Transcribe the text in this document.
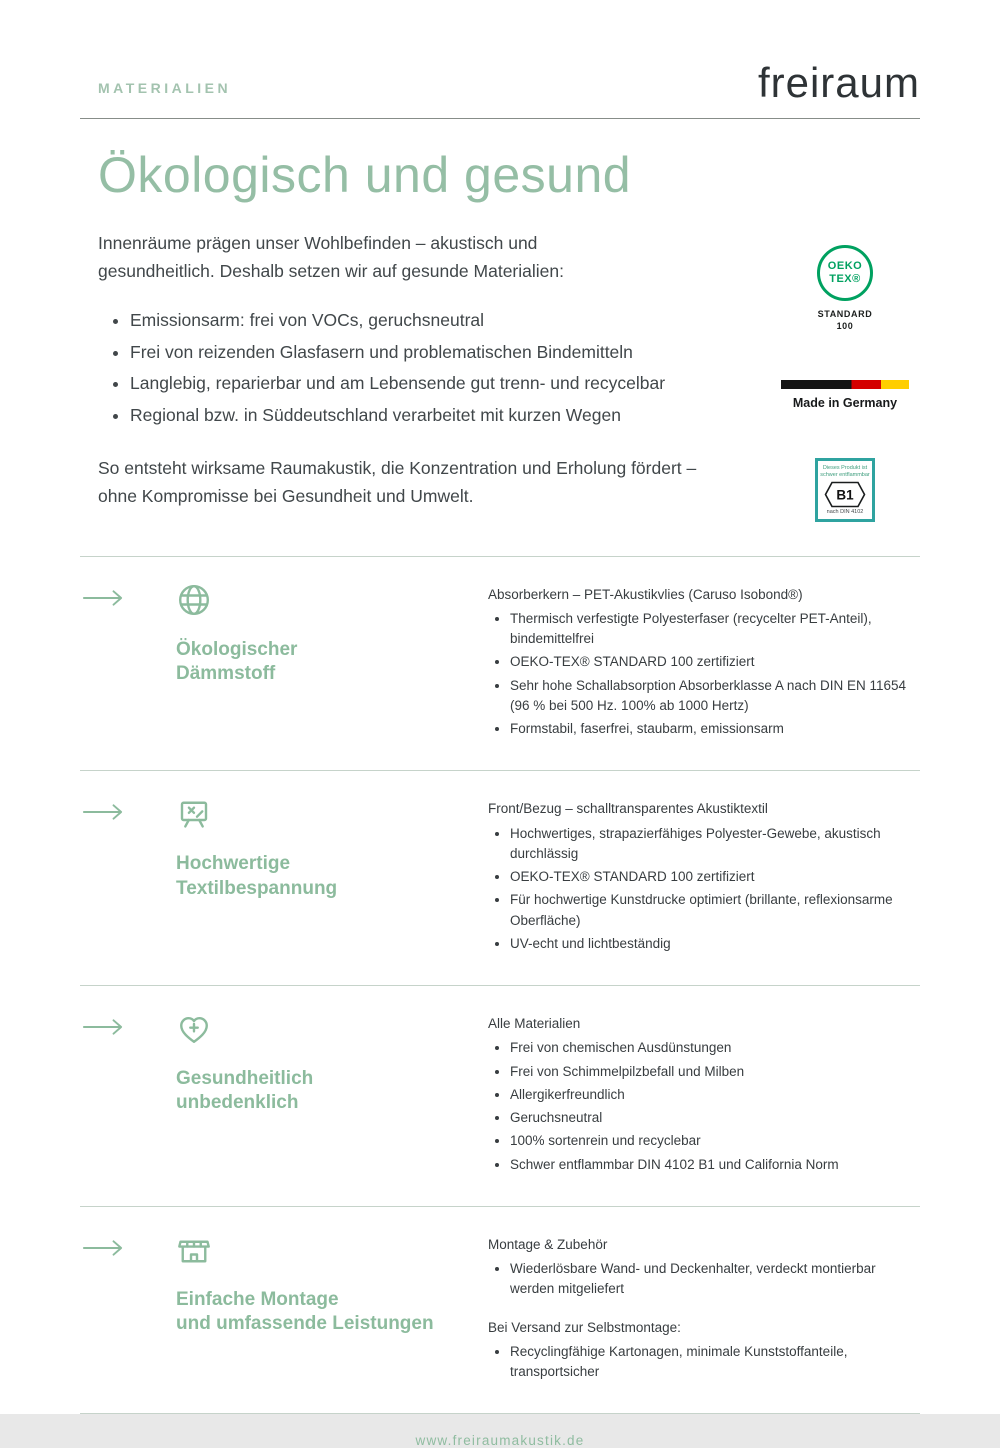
MATERIALIEN	freiraum
Ökologisch und gesund

Innenräume prägen unser Wohlbefinden – akustisch und gesundheitlich. Deshalb setzen wir auf gesunde Materialien:

• Emissionsarm: frei von VOCs, geruchsneutral
• Frei von reizenden Glasfasern und problematischen Bindemitteln
• Langlebig, reparierbar und am Lebensende gut trenn- und recycelbar
• Regional bzw. in Süddeutschland verarbeitet mit kurzen Wegen

So entsteht wirksame Raumakustik, die Konzentration und Erholung fördert – ohne Kompromisse bei Gesundheit und Umwelt.

OEKO
TEX®
STANDARD
100
Made in Germany
Dieses Produkt ist
schwer entflammbar
B1
nach DIN 4102
Ökologischer
Dämmstoff

Absorberkern – PET-Akustikvlies (Caruso Isobond®)

• Thermisch verfestigte Polyesterfaser (recycelter PET-Anteil), bindemittelfrei
• OEKO-TEX® STANDARD 100 zertifiziert
• Sehr hohe Schallabsorption Absorberklasse A nach DIN EN 11654 (96 % bei 500 Hz. 100% ab 1000 Hertz)
• Formstabil, faserfrei, staubarm, emissionsarm
Hochwertige
Textilbespannung

Front/Bezug – schalltransparentes Akustiktextil

• Hochwertiges, strapazierfähiges Polyester-Gewebe, akustisch durchlässig
• OEKO-TEX® STANDARD 100 zertifiziert
• Für hochwertige Kunstdrucke optimiert (brillante, reflexionsarme Oberfläche)
• UV-echt und lichtbeständig
Gesundheitlich
unbedenklich

Alle Materialien

• Frei von chemischen Ausdünstungen
• Frei von Schimmelpilzbefall und Milben
• Allergikerfreundlich
• Geruchsneutral
• 100% sortenrein und recyclebar
• Schwer entflammbar DIN 4102 B1 und California Norm
Einfache Montage
und umfassende Leistungen

Montage & Zubehör

• Wiederlösbare Wand- und Deckenhalter, verdeckt montierbar werden mitgeliefert

Bei Versand zur Selbstmontage:

• Recyclingfähige Kartonagen, minimale Kunststoffanteile, transportsicher
www.freiraumakustik.de
